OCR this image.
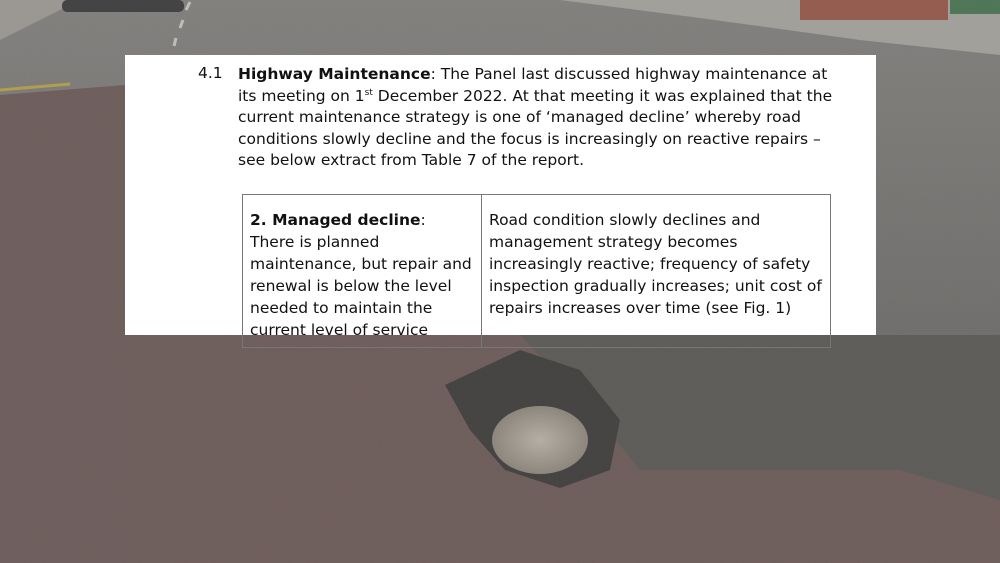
4.1 Highway Maintenance: The Panel last discussed highway maintenance at its meeting on 1st December 2022. At that meeting it was explained that the current maintenance strategy is one of ‘managed decline’ whereby road conditions slowly decline and the focus is increasingly on reactive repairs – see below extract from Table 7 of the report.
2. Managed decline: There is planned maintenance, but repair and renewal is below the level needed to maintain the current level of service	Road condition slowly declines and management strategy becomes increasingly reactive; frequency of safety inspection gradually increases; unit cost of repairs increases over time (see Fig. 1)
